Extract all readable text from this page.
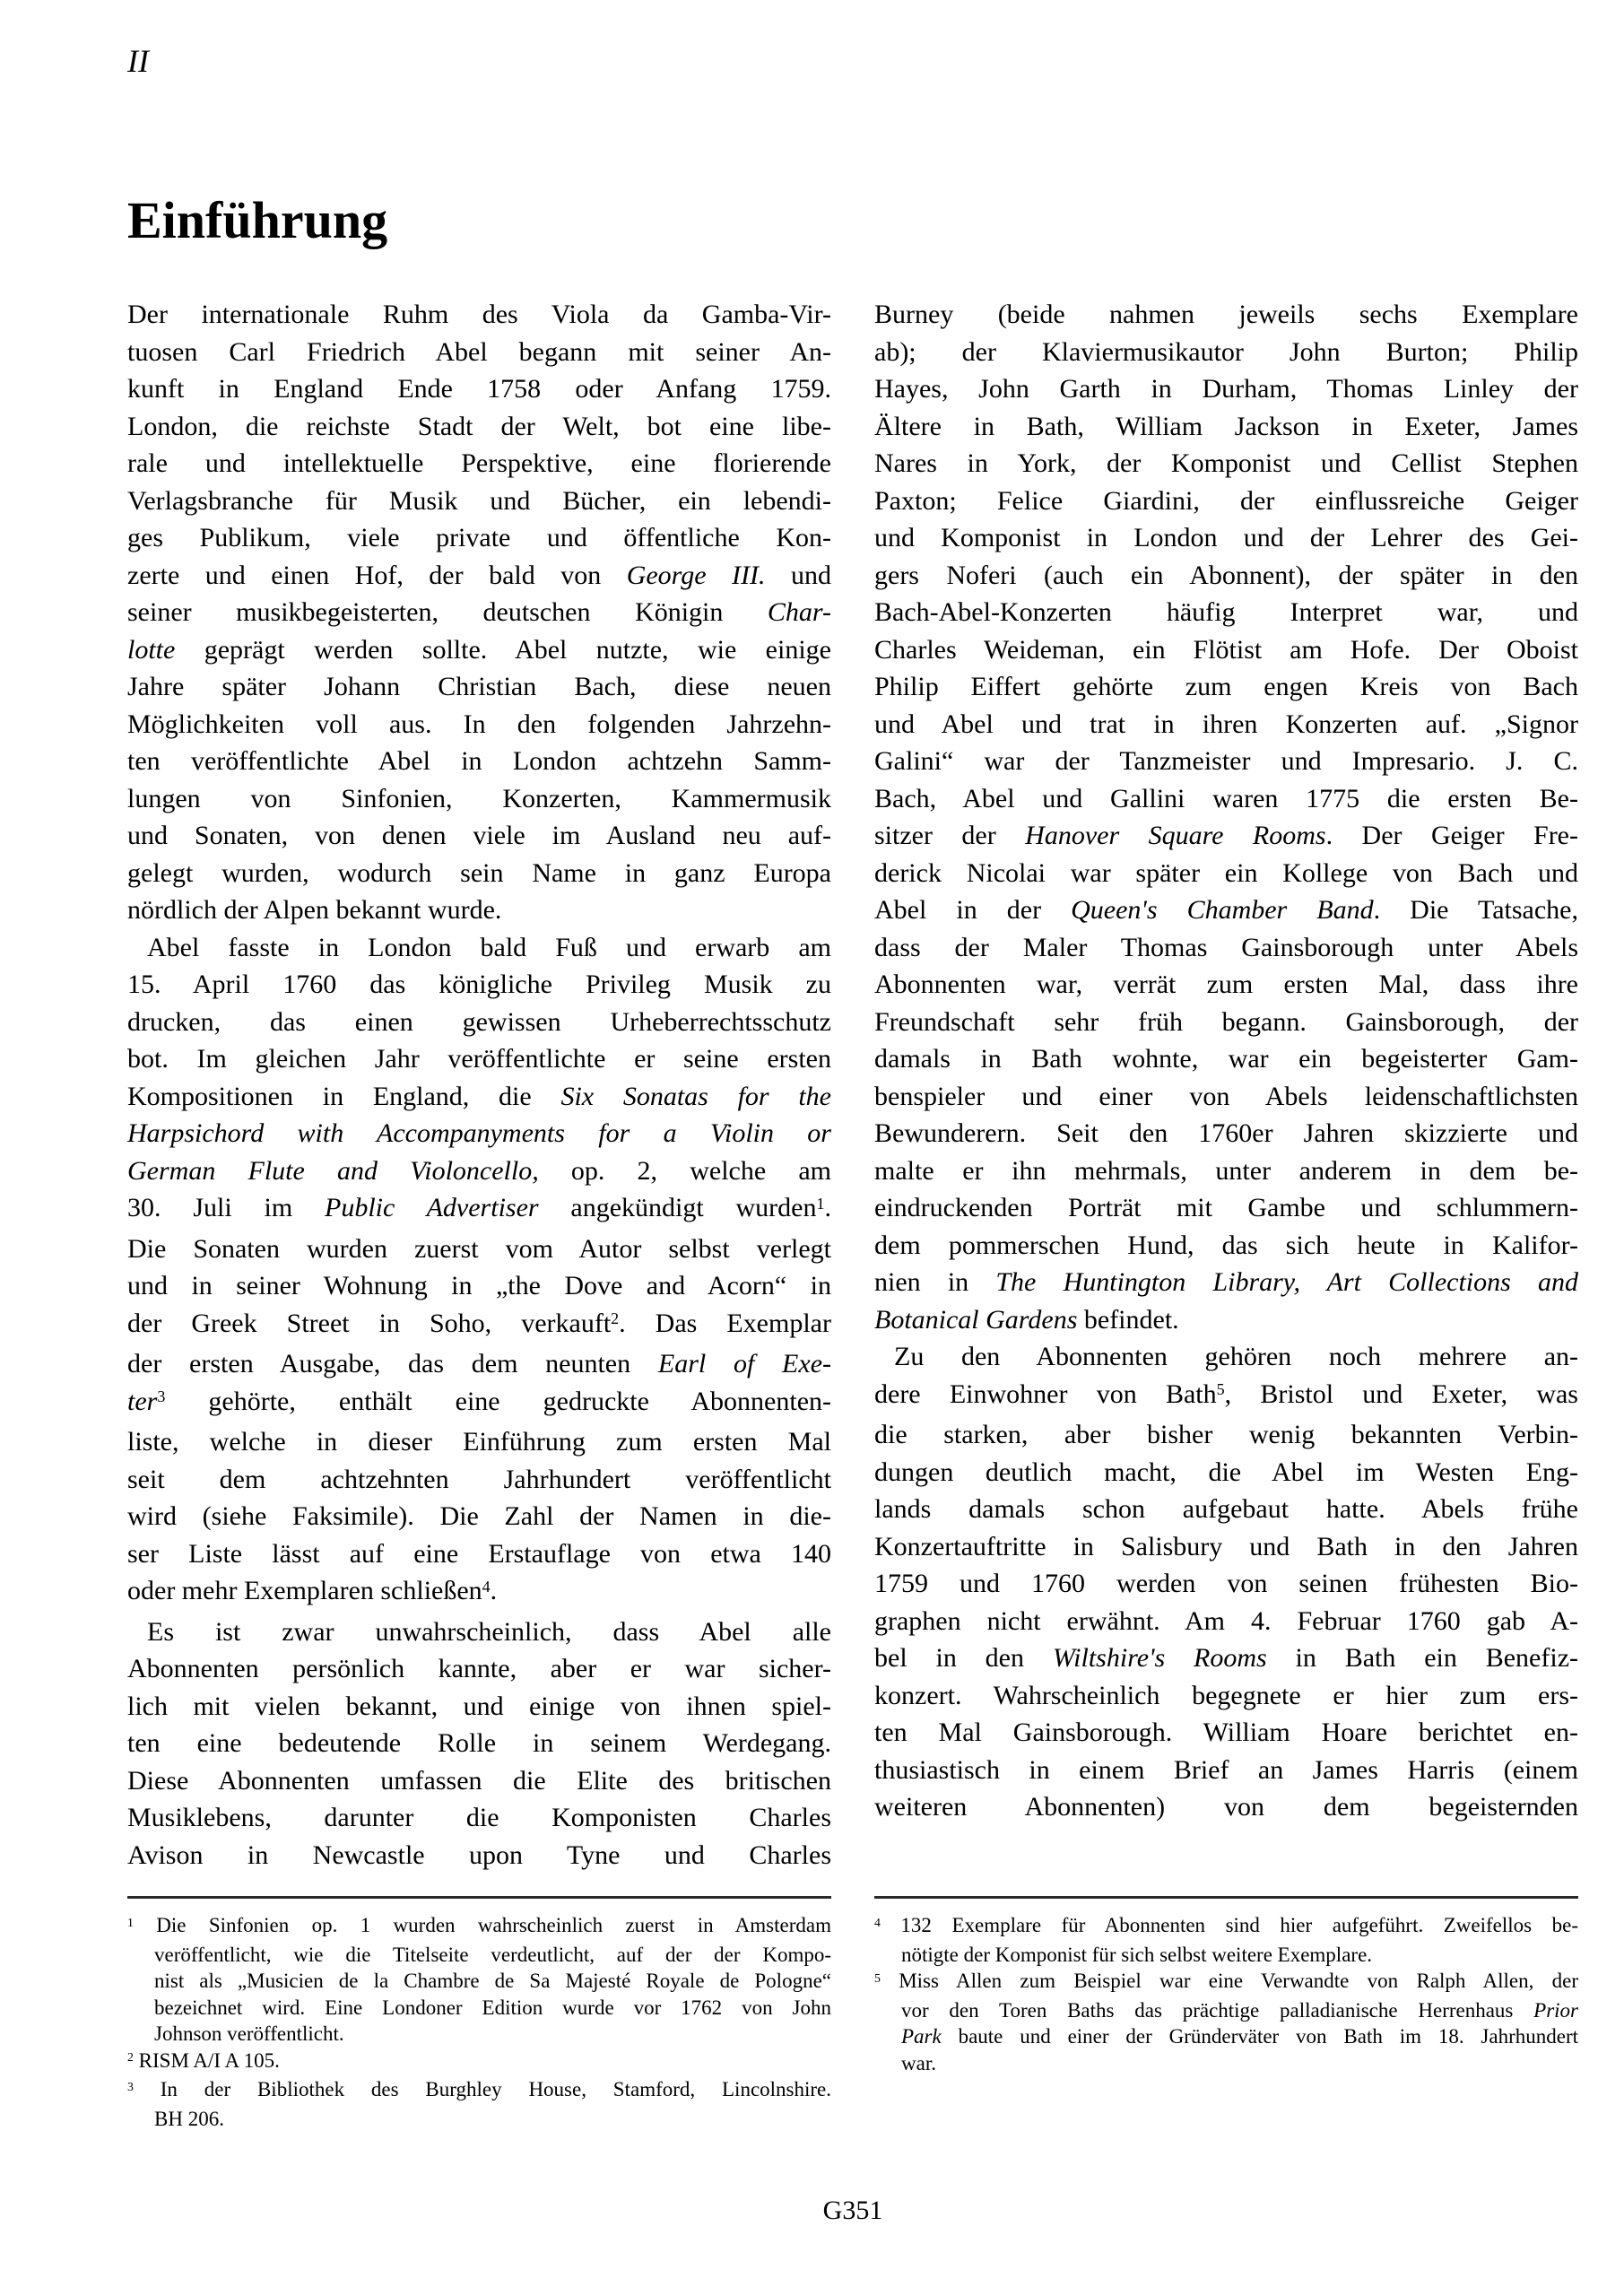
II
Einführung
Der internationale Ruhm des Viola da Gamba-Vir-
tuosen Carl Friedrich Abel begann mit seiner An-
kunft in England Ende 1758 oder Anfang 1759.
London, die reichste Stadt der Welt, bot eine libe-
rale und intellektuelle Perspektive, eine florierende
Verlagsbranche für Musik und Bücher, ein lebendi-
ges Publikum, viele private und öffentliche Kon-
zerte und einen Hof, der bald von George III. und
seiner musikbegeisterten, deutschen Königin Char-
lotte geprägt werden sollte. Abel nutzte, wie einige
Jahre später Johann Christian Bach, diese neuen
Möglichkeiten voll aus. In den folgenden Jahrzehn-
ten veröffentlichte Abel in London achtzehn Samm-
lungen von Sinfonien, Konzerten, Kammermusik
und Sonaten, von denen viele im Ausland neu auf-
gelegt wurden, wodurch sein Name in ganz Europa
nördlich der Alpen bekannt wurde.
Abel fasste in London bald Fuß und erwarb am
15. April 1760 das königliche Privileg Musik zu
drucken, das einen gewissen Urheberrechtsschutz
bot. Im gleichen Jahr veröffentlichte er seine ersten
Kompositionen in England, die Six Sonatas for the
Harpsichord with Accompanyments for a Violin or
German Flute and Violoncello, op. 2, welche am
30. Juli im Public Advertiser angekündigt wurden$^1$.
Die Sonaten wurden zuerst vom Autor selbst verlegt
und in seiner Wohnung in „the Dove and Acorn“ in
der Greek Street in Soho, verkauft$^2$. Das Exemplar
der ersten Ausgabe, das dem neunten Earl of Exe-
ter$^3$ gehörte, enthält eine gedruckte Abonnenten-
liste, welche in dieser Einführung zum ersten Mal
seit dem achtzehnten Jahrhundert veröffentlicht
wird (siehe Faksimile). Die Zahl der Namen in die-
ser Liste lässt auf eine Erstauflage von etwa 140
oder mehr Exemplaren schließen$^4$.
Es ist zwar unwahrscheinlich, dass Abel alle
Abonnenten persönlich kannte, aber er war sicher-
lich mit vielen bekannt, und einige von ihnen spiel-
ten eine bedeutende Rolle in seinem Werdegang.
Diese Abonnenten umfassen die Elite des britischen
Musiklebens, darunter die Komponisten Charles
Avison in Newcastle upon Tyne und Charles
Burney (beide nahmen jeweils sechs Exemplare
ab); der Klaviermusikautor John Burton; Philip
Hayes, John Garth in Durham, Thomas Linley der
Ältere in Bath, William Jackson in Exeter, James
Nares in York, der Komponist und Cellist Stephen
Paxton; Felice Giardini, der einflussreiche Geiger
und Komponist in London und der Lehrer des Gei-
gers Noferi (auch ein Abonnent), der später in den
Bach-Abel-Konzerten häufig Interpret war, und
Charles Weideman, ein Flötist am Hofe. Der Oboist
Philip Eiffert gehörte zum engen Kreis von Bach
und Abel und trat in ihren Konzerten auf. „Signor
Galini“ war der Tanzmeister und Impresario. J. C.
Bach, Abel und Gallini waren 1775 die ersten Be-
sitzer der Hanover Square Rooms. Der Geiger Fre-
derick Nicolai war später ein Kollege von Bach und
Abel in der Queen's Chamber Band. Die Tatsache,
dass der Maler Thomas Gainsborough unter Abels
Abonnenten war, verrät zum ersten Mal, dass ihre
Freundschaft sehr früh begann. Gainsborough, der
damals in Bath wohnte, war ein begeisterter Gam-
benspieler und einer von Abels leidenschaftlichsten
Bewunderern. Seit den 1760er Jahren skizzierte und
malte er ihn mehrmals, unter anderem in dem be-
eindruckenden Porträt mit Gambe und schlummern-
dem pommerschen Hund, das sich heute in Kalifor-
nien in The Huntington Library, Art Collections and
Botanical Gardens befindet.
Zu den Abonnenten gehören noch mehrere an-
dere Einwohner von Bath$^5$, Bristol und Exeter, was
die starken, aber bisher wenig bekannten Verbin-
dungen deutlich macht, die Abel im Westen Eng-
lands damals schon aufgebaut hatte. Abels frühe
Konzertauftritte in Salisbury und Bath in den Jahren
1759 und 1760 werden von seinen frühesten Bio-
graphen nicht erwähnt. Am 4. Februar 1760 gab A-
bel in den Wiltshire's Rooms in Bath ein Benefiz-
konzert. Wahrscheinlich begegnete er hier zum ers-
ten Mal Gainsborough. William Hoare berichtet en-
thusiastisch in einem Brief an James Harris (einem
weiteren Abonnenten) von dem begeisternden
$^1$ Die Sinfonien op. 1 wurden wahrscheinlich zuerst in Amsterdam
veröffentlicht, wie die Titelseite verdeutlicht, auf der der Kompo-
nist als „Musicien de la Chambre de Sa Majesté Royale de Pologne“
bezeichnet wird. Eine Londoner Edition wurde vor 1762 von John
Johnson veröffentlicht.
$^2$ RISM A/I A 105.
$^3$ In der Bibliothek des Burghley House, Stamford, Lincolnshire.
BH 206.
$^4$ 132 Exemplare für Abonnenten sind hier aufgeführt. Zweifellos be-
nötigte der Komponist für sich selbst weitere Exemplare.
$^5$ Miss Allen zum Beispiel war eine Verwandte von Ralph Allen, der
vor den Toren Baths das prächtige palladianische Herrenhaus Prior
Park baute und einer der Gründerväter von Bath im 18. Jahrhundert
war.
G351
